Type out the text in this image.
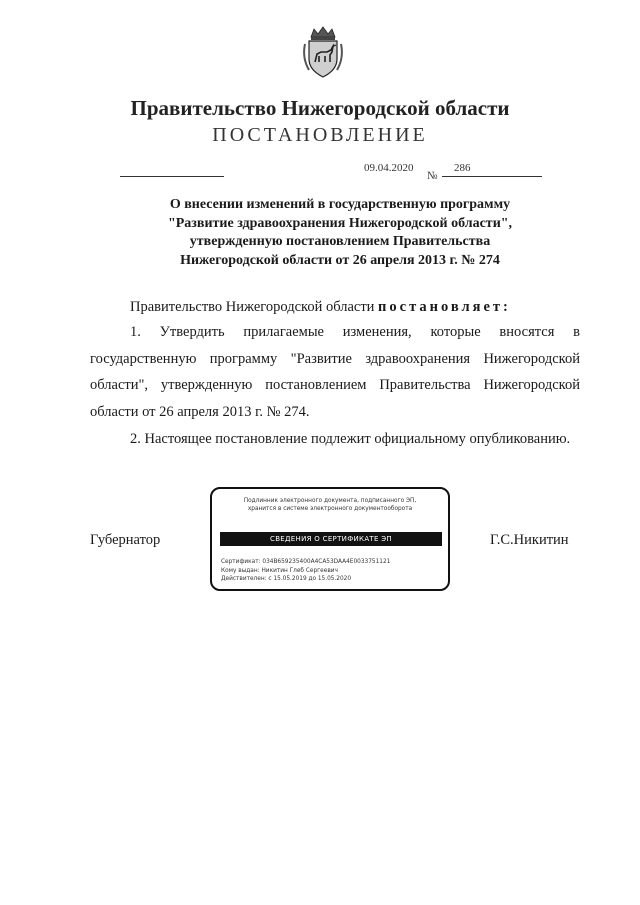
Правительство Нижегородской области
ПОСТАНОВЛЕНИЕ
09.04.2020
№
286
О внесении изменений в государственную программу
"Развитие здравоохранения Нижегородской области",
утвержденную постановлением Правительства
Нижегородской области от 26 апреля 2013 г. № 274

Правительство Нижегородской области постановляет:

1. Утвердить прилагаемые изменения, которые вносятся в государственную программу "Развитие здравоохранения Нижегородской области", утвержденную постановлением Правительства Нижегородской области от 26 апреля 2013 г. № 274.

2. Настоящее постановление подлежит официальному опубликованию.

Губернатор	Г.С.Никитин
Подлинник электронного документа, подписанного ЭП,
хранится в системе электронного документооборота
СВЕДЕНИЯ О СЕРТИФИКАТЕ ЭП
Сертификат: 034B659235400A4CA53DAA4E0033751121
Кому выдан: Никитин Глеб Сергеевич
Действителен: с 15.05.2019 до 15.05.2020
